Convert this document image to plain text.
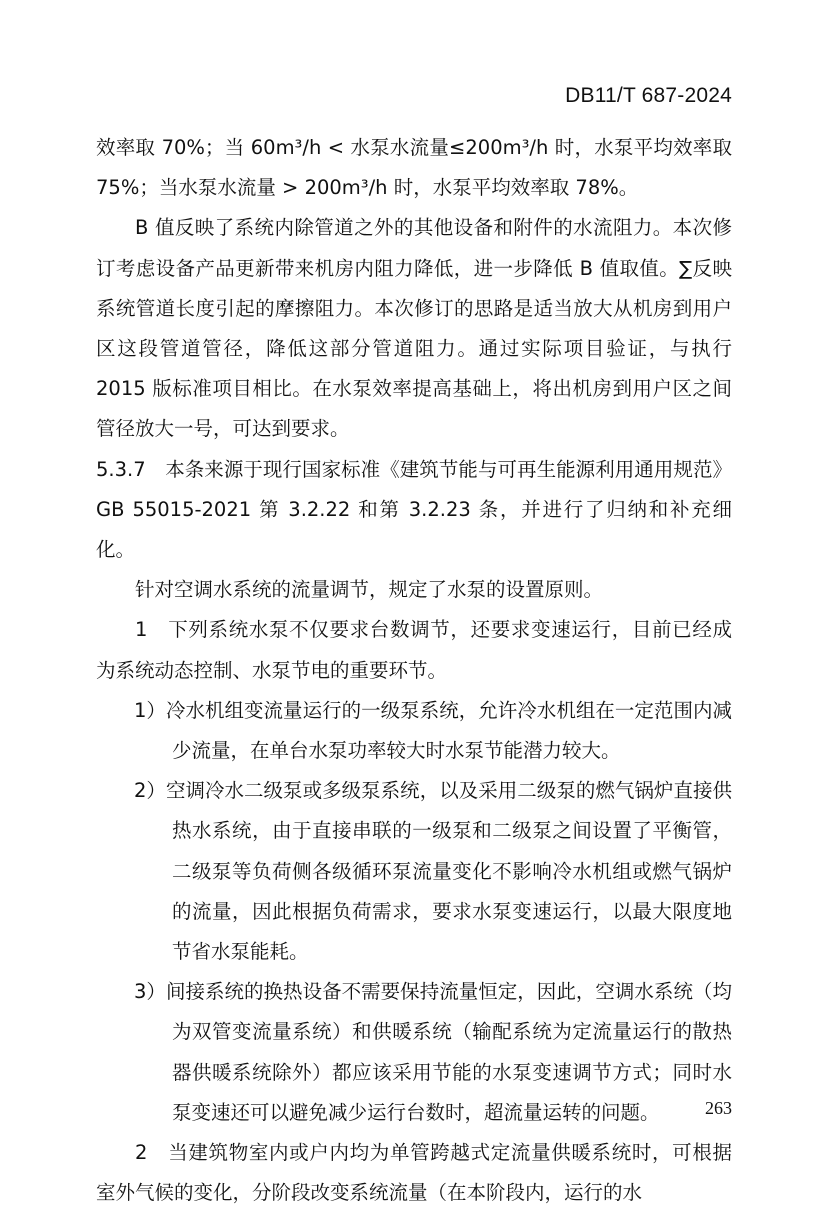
DB11/T 687-2024

效率取 70%；当 60m³/h < 水泵水流量≤200m³/h 时，水泵平均效率取 75%；当水泵水流量 > 200m³/h 时，水泵平均效率取 78%。

B 值反映了系统内除管道之外的其他设备和附件的水流阻力。本次修订考虑设备产品更新带来机房内阻力降低，进一步降低 B 值取值。∑反映系统管道长度引起的摩擦阻力。本次修订的思路是适当放大从机房到用户区这段管道管径，降低这部分管道阻力。通过实际项目验证，与执行 2015 版标准项目相比。在水泵效率提高基础上，将出机房到用户区之间管径放大一号，可达到要求。

5.3.7　本条来源于现行国家标准《建筑节能与可再生能源利用通用规范》GB 55015-2021 第 3.2.22 和第 3.2.23 条，并进行了归纳和补充细化。

针对空调水系统的流量调节，规定了水泵的设置原则。

1　下列系统水泵不仅要求台数调节，还要求变速运行，目前已经成为系统动态控制、水泵节电的重要环节。

1）冷水机组变流量运行的一级泵系统，允许冷水机组在一定范围内减少流量，在单台水泵功率较大时水泵节能潜力较大。

2）空调冷水二级泵或多级泵系统，以及采用二级泵的燃气锅炉直接供热水系统，由于直接串联的一级泵和二级泵之间设置了平衡管，二级泵等负荷侧各级循环泵流量变化不影响冷水机组或燃气锅炉的流量，因此根据负荷需求，要求水泵变速运行，以最大限度地节省水泵能耗。

3）间接系统的换热设备不需要保持流量恒定，因此，空调水系统（均为双管变流量系统）和供暖系统（输配系统为定流量运行的散热器供暖系统除外）都应该采用节能的水泵变速调节方式；同时水泵变速还可以避免减少运行台数时，超流量运转的问题。

2　当建筑物室内或户内均为单管跨越式定流量供暖系统时，可根据室外气候的变化，分阶段改变系统流量（在本阶段内，运行的水

263
